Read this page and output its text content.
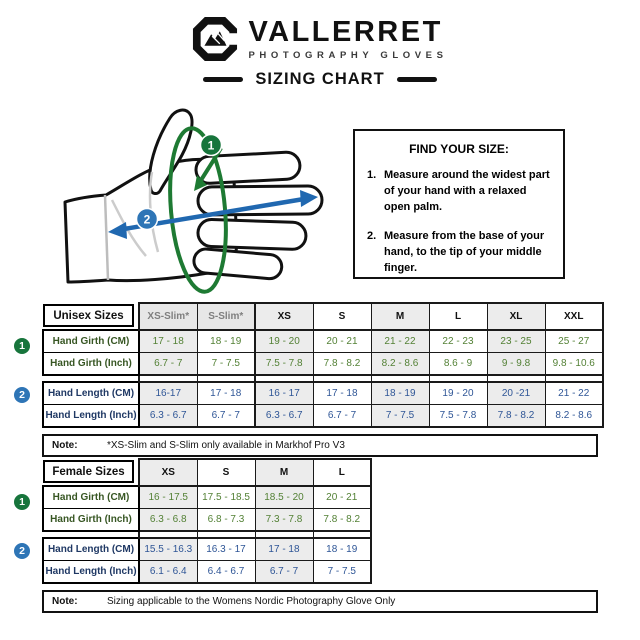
VALLERRET
PHOTOGRAPHY GLOVES
SIZING CHART
1
2
FIND YOUR SIZE:
1. Measure around the widest part of your hand with a relaxed open palm.
2. Measure from the base of your hand, to the tip of your middle finger.
1
2
Unisex Sizes	XS-Slim*	S-Slim*	XS	S	M	L	XL	XXL
Hand Girth (CM)	17 - 18	18 - 19	19 - 20	20 - 21	21 - 22	22 - 23	23 - 25	25 - 27
Hand Girth (Inch)	6.7 - 7	7 - 7.5	7.5 - 7.8	7.8 - 8.2	8.2 - 8.6	8.6 - 9	9 - 9.8	9.8 - 10.6

Hand Length (CM)	16-17	17 - 18	16 - 17	17 - 18	18 - 19	19 - 20	20 -21	21 - 22
Hand Length (Inch)	6.3 - 6.7	6.7 - 7	6.3 - 6.7	6.7 - 7	7 - 7.5	7.5 - 7.8	7.8 - 8.2	8.2 - 8.6
Note:	*XS-Slim and S-Slim only available in Markhof Pro V3
1
2
Female Sizes	XS	S	M	L
Hand Girth (CM)	16 - 17.5	17.5 - 18.5	18.5 - 20	20 - 21
Hand Girth (Inch)	6.3 - 6.8	6.8 - 7.3	7.3 - 7.8	7.8 - 8.2

Hand Length (CM)	15.5 - 16.3	16.3 - 17	17 - 18	18 - 19
Hand Length (Inch)	6.1 - 6.4	6.4 - 6.7	6.7 - 7	7 - 7.5
Note:	Sizing applicable to the Womens Nordic Photography Glove Only
